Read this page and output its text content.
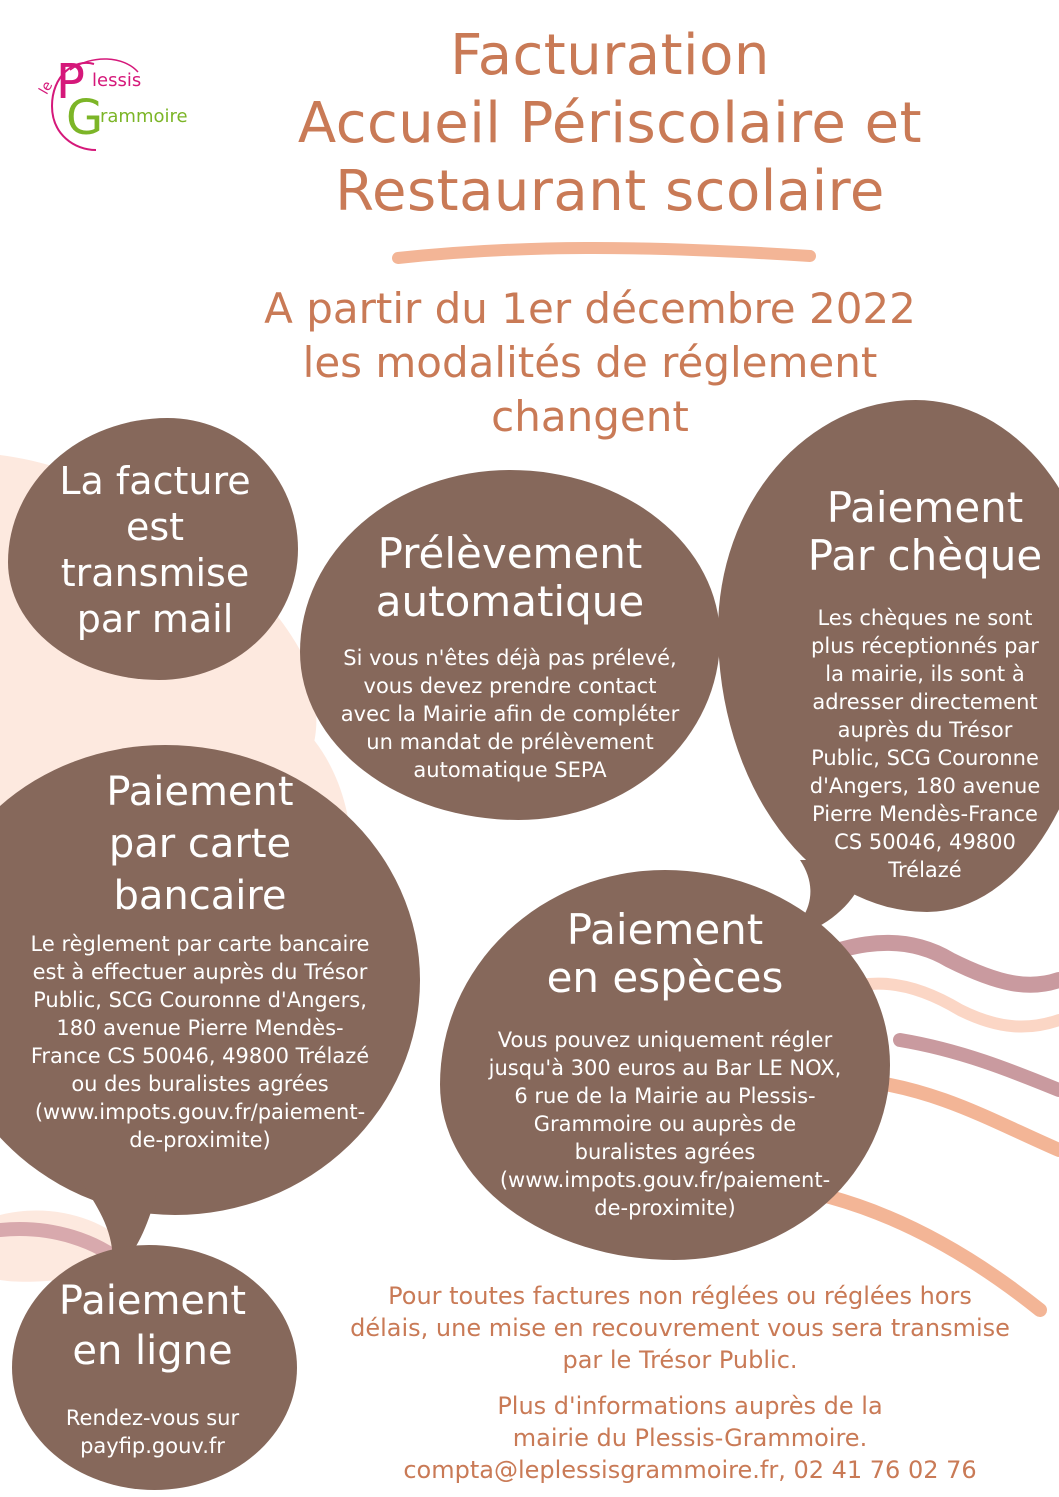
le P lessis
G
rammoire
Facturation
Accueil Périscolaire et
Restaurant scolaire
A partir du 1er décembre 2022
les modalités de réglement
changent
La facture
est
transmise
par mail
Prélèvement
automatique
Si vous n'êtes déjà pas prélevé,
vous devez prendre contact
avec la Mairie afin de compléter
un mandat de prélèvement
automatique SEPA
Paiement
Par chèque
Les chèques ne sont
plus réceptionnés par
la mairie, ils sont à
adresser directement
auprès du Trésor
Public, SCG Couronne
d'Angers, 180 avenue
Pierre Mendès-France
CS 50046, 49800
Trélazé
Paiement
par carte
bancaire
Le règlement par carte bancaire
est à effectuer auprès du Trésor
Public, SCG Couronne d'Angers,
180 avenue Pierre Mendès-
France CS 50046, 49800 Trélazé
ou des buralistes agrées
(www.impots.gouv.fr/paiement-
de-proximite)
Paiement
en espèces
Vous pouvez uniquement régler
jusqu'à 300 euros au Bar LE NOX,
6 rue de la Mairie au Plessis-
Grammoire ou auprès de
buralistes agrées
(www.impots.gouv.fr/paiement-
de-proximite)
Paiement
en ligne
Rendez-vous sur
payfip.gouv.fr
Pour toutes factures non réglées ou réglées hors
délais, une mise en recouvrement vous sera transmise
par le Trésor Public.
Plus d'informations auprès de la
mairie du Plessis-Grammoire.
compta@leplessisgrammoire.fr, 02 41 76 02 76
